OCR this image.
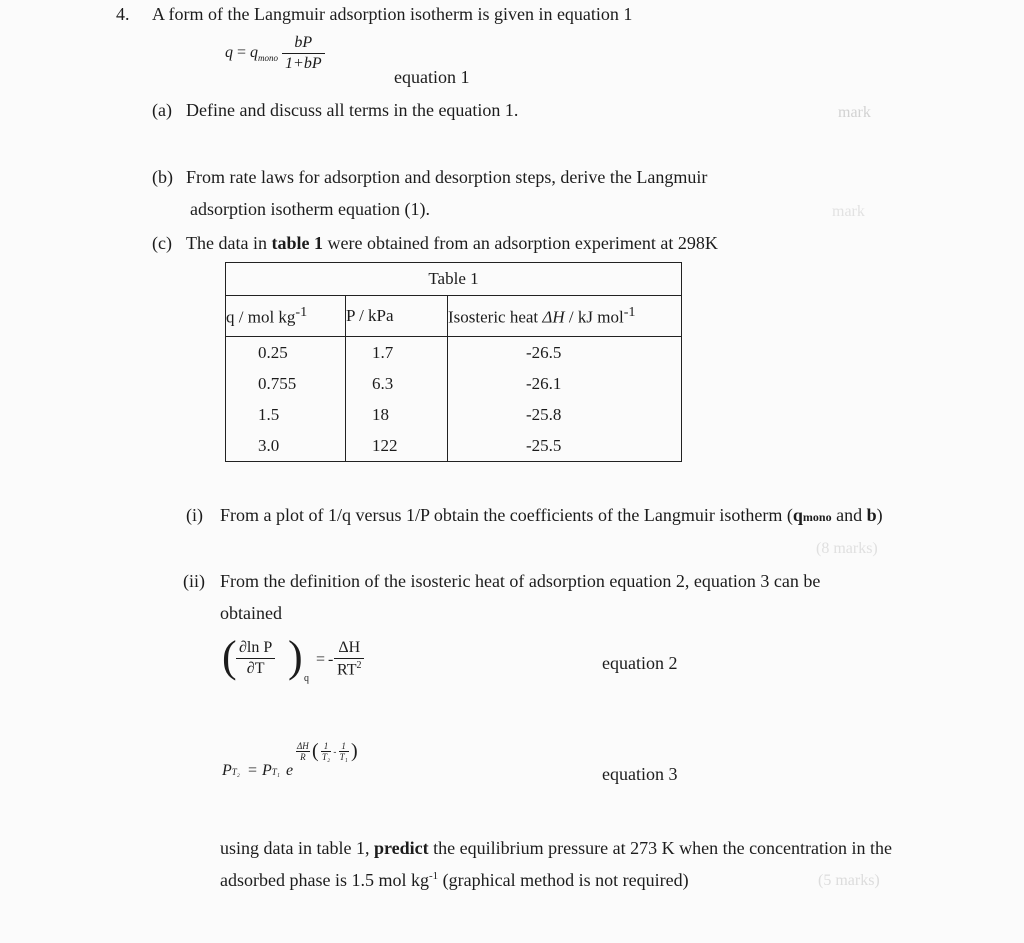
4. A form of the Langmuir adsorption isotherm is given in equation 1
$q = q_{mono} \frac{bP}{1+bP}$
equation 1
(a) Define and discuss all terms in the equation 1.	mark
(b) From rate laws for adsorption and desorption steps, derive the Langmuir
adsorption isotherm equation (1).	mark
(c) The data in table 1 were obtained from an adsorption experiment at 298K
Table 1		
q / mol $kg^{-1}$	P / kPa	Isosteric heat ΔH / kJ mol$^{-1}$
0.25	1.7	-26.5
0.755	6.3	-26.1
1.5	18	-25.8
3.0	122	-25.5
(i) From a plot of 1/q versus 1/P obtain the coefficients of the Langmuir isotherm (qmono and b)
(8 marks)
(ii) From the definition of the isosteric heat of adsorption equation 2, equation 3 can be
obtained
( $\frac{\text{∂ln P}}{\partial T}$ ) q
= - $\frac{\Delta H}{RT^2}$	equation 2
PT₂ = PT₁ e
$\frac{\Delta H}{R}$ ( $\frac{1}{\text{T₂}} - \frac{1}{\text{T₁}}$ )
equation 3
using data in table 1, predict the equilibrium pressure at 273 K when the concentration in the
adsorbed phase is 1.5 mol $kg^{-1}$ (graphical method is not required)	(5 marks)
